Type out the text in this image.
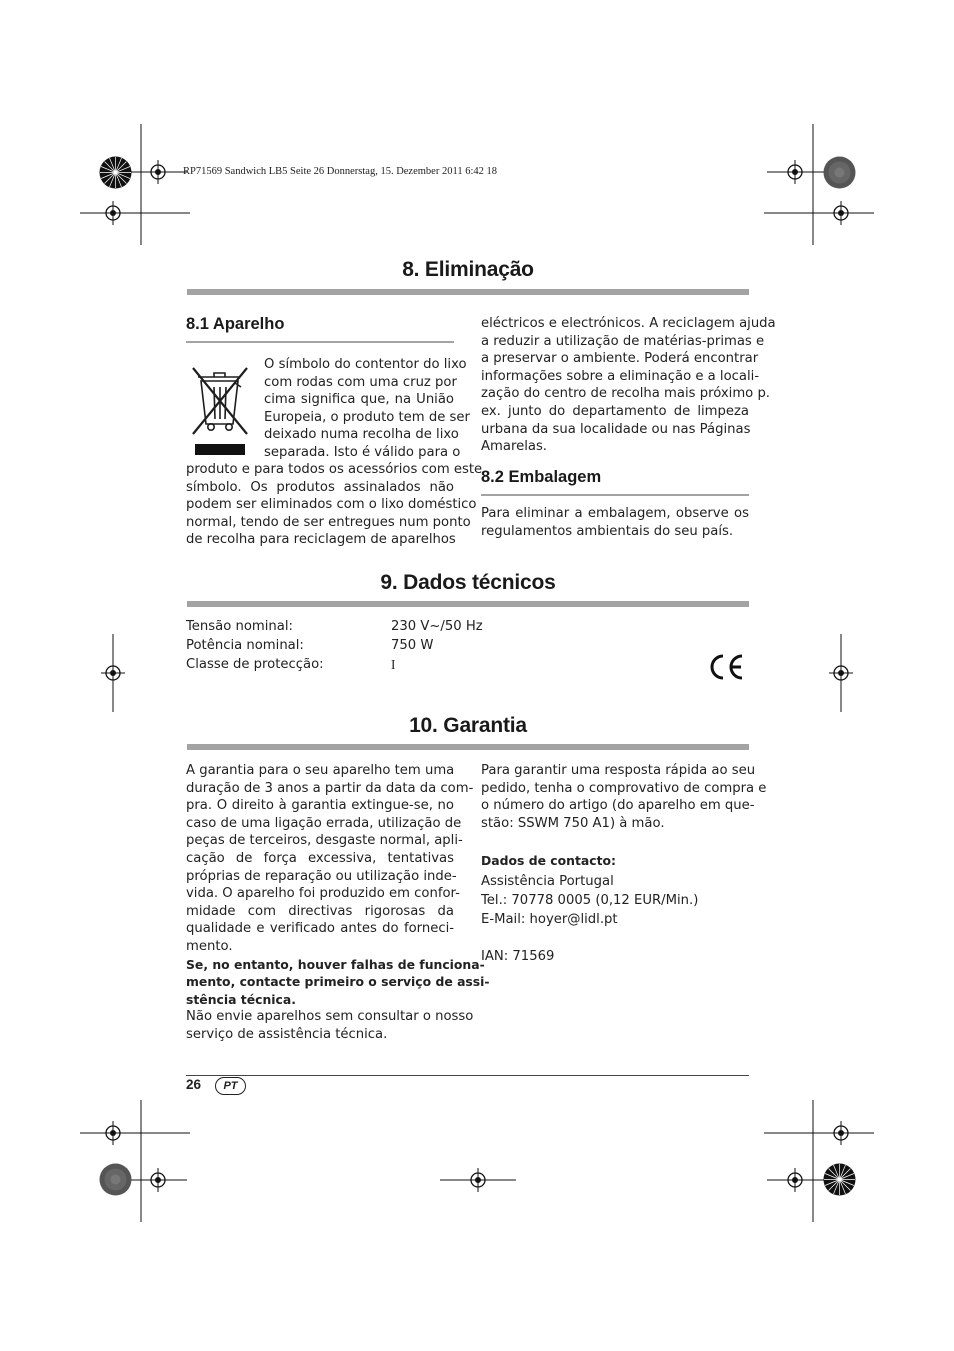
RP71569 Sandwich LB5 Seite 26 Donnerstag, 15. Dezember 2011 6:42 18
8. Eliminação
8.1 Aparelho
O símbolo do contentor do lixo
com rodas com uma cruz por
cima significa que, na União
Europeia, o produto tem de ser
deixado numa recolha de lixo
separada. Isto é válido para o
produto e para todos os acessórios com este
símbolo. Os produtos assinalados não
podem ser eliminados com o lixo doméstico
normal, tendo de ser entregues num ponto
de recolha para reciclagem de aparelhos
eléctricos e electrónicos. A reciclagem ajuda
a reduzir a utilização de matérias-primas e
a preservar o ambiente. Poderá encontrar
informações sobre a eliminação e a locali-
zação do centro de recolha mais próximo p.
ex. junto do departamento de limpeza
urbana da sua localidade ou nas Páginas
Amarelas.
8.2 Embalagem
Para eliminar a embalagem, observe os
regulamentos ambientais do seu país.
9. Dados técnicos
Tensão nominal:	230 V~/50 Hz
Potência nominal:	750 W
Classe de protecção:	I
10. Garantia
A garantia para o seu aparelho tem uma
duração de 3 anos a partir da data da com-
pra. O direito à garantia extingue-se, no
caso de uma ligação errada, utilização de
peças de terceiros, desgaste normal, apli-
cação de força excessiva, tentativas
próprias de reparação ou utilização inde-
vida. O aparelho foi produzido em confor-
midade com directivas rigorosas da
qualidade e verificado antes do forneci-
mento.
Se, no entanto, houver falhas de funciona-
mento, contacte primeiro o serviço de assi-
stência técnica.
Não envie aparelhos sem consultar o nosso
serviço de assistência técnica.
Para garantir uma resposta rápida ao seu
pedido, tenha o comprovativo de compra e
o número do artigo (do aparelho em que-
stão: SSWM 750 A1) à mão.
Dados de contacto:
Assistência Portugal
Tel.: 70778 0005 (0,12 EUR/Min.)
E-Mail: hoyer@lidl.pt
IAN: 71569
26	PT
